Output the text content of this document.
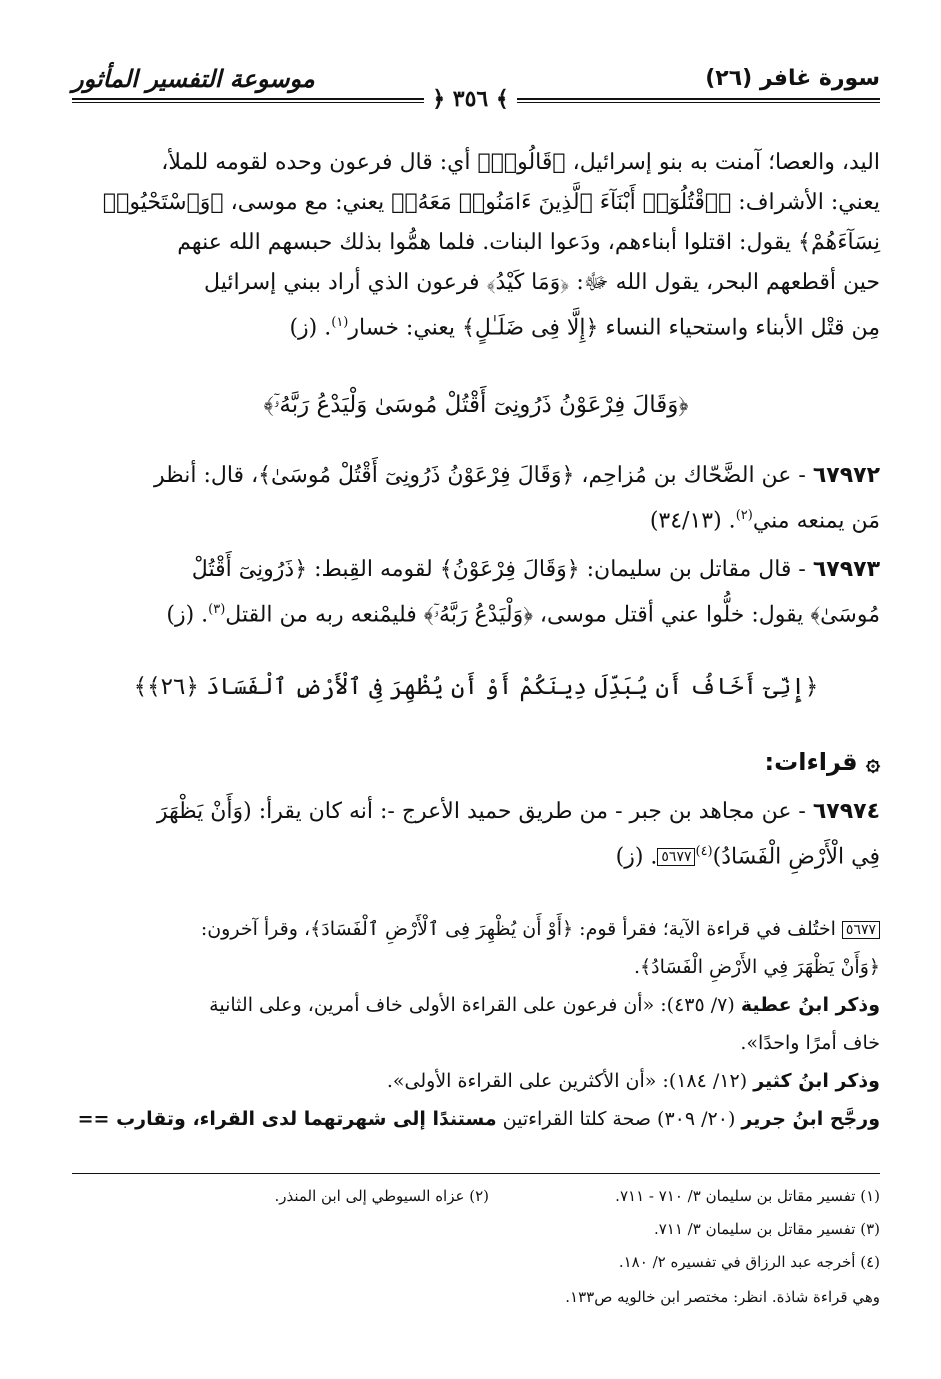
سورة غافر (٢٦)
موسوعة التفسير المأثور
﴾ ٣٥٦ ﴿
اليد، والعصا؛ آمنت به بنو إسرائيل، ﴿قَالُوا۟﴾ أي: قال فرعون وحده لقومه للملأ،
يعني: الأشراف: ﴿ٱقْتُلُوٓا۟ أَبْنَآءَ ٱلَّذِينَ ءَامَنُوا۟ مَعَهُۥ﴾ يعني: مع موسى، ﴿وَٱسْتَحْيُوا۟
نِسَآءَهُمْ﴾ يقول: اقتلوا أبناءهم، ودَعوا البنات. فلما همُّوا بذلك حبسهم الله عنهم
حين أقطعهم البحر، يقول الله ﷻ: ﴿وَمَا كَيْدُ﴾ فرعون الذي أراد ببني إسرائيل
مِن قتْل الأبناء واستحياء النساء ﴿إِلَّا فِى ضَلَـٰلٍ﴾ يعني: خسار$^{(١)}$. (ز)
﴿وَقَالَ فِرْعَوْنُ ذَرُونِىٓ أَقْتُلْ مُوسَىٰ وَلْيَدْعُ رَبَّهُۥٓ﴾
٦٧٩٧٢ - عن الضَّحّاك بن مُزاحِم، ﴿وَقَالَ فِرْعَوْنُ ذَرُونِىٓ أَقْتُلْ مُوسَىٰ﴾، قال: أنظر
مَن يمنعه مني$^{(٢)}$. (٣٤/١٣)
٦٧٩٧٣ - قال مقاتل بن سليمان: ﴿وَقَالَ فِرْعَوْنُ﴾ لقومه القِبط: ﴿ذَرُونِىٓ أَقْتُلْ
مُوسَىٰ﴾ يقول: خلُّوا عني أقتل موسى، ﴿وَلْيَدْعُ رَبَّهُۥٓ﴾ فليمْنعه ربه من القتل$^{(٣)}$. (ز)
﴿إِنِّىٓ أَخَافُ أَن يُبَدِّلَ دِينَكُمْ أَوْ أَن يُظْهِرَ فِى ٱلْأَرْضِ ٱلْفَسَادَ ﴿٢٦﴾﴾
۞ قراءات:
٦٧٩٧٤ - عن مجاهد بن جبر - من طريق حميد الأعرج -: أنه كان يقرأ: (وَأَنْ يَظْهَرَ
فِي الْأَرْضِ الْفَسَادُ)$^{(٤)}$٥٦٧٧. (ز)
٥٦٧٧ اختُلف في قراءة الآية؛ فقرأ قوم: ﴿أَوْ أَن يُظْهِرَ فِى ٱلْأَرْضِ ٱلْفَسَادَ﴾، وقرأ آخرون:
﴿وَأَنْ يَظْهَرَ فِي الأَرْضِ الْفَسَادُ﴾.
وذكر ابنُ عطية (٧/ ٤٣٥): «أن فرعون على القراءة الأولى خاف أمرين، وعلى الثانية
خاف أمرًا واحدًا».
وذكر ابنُ كثير (١٢/ ١٨٤): «أن الأكثرين على القراءة الأولى».
ورجَّح ابنُ جرير (٢٠/ ٣٠٩) صحة كلتا القراءتين مستندًا إلى شهرتهما لدى القراء، وتقارب ==
(١) تفسير مقاتل بن سليمان ٣/ ٧١٠ - ٧١١.
(٢) عزاه السيوطي إلى ابن المنذر.
(٣) تفسير مقاتل بن سليمان ٣/ ٧١١.
(٤) أخرجه عبد الرزاق في تفسيره ٢/ ١٨٠.
وهي قراءة شاذة. انظر: مختصر ابن خالويه ص١٣٣.
